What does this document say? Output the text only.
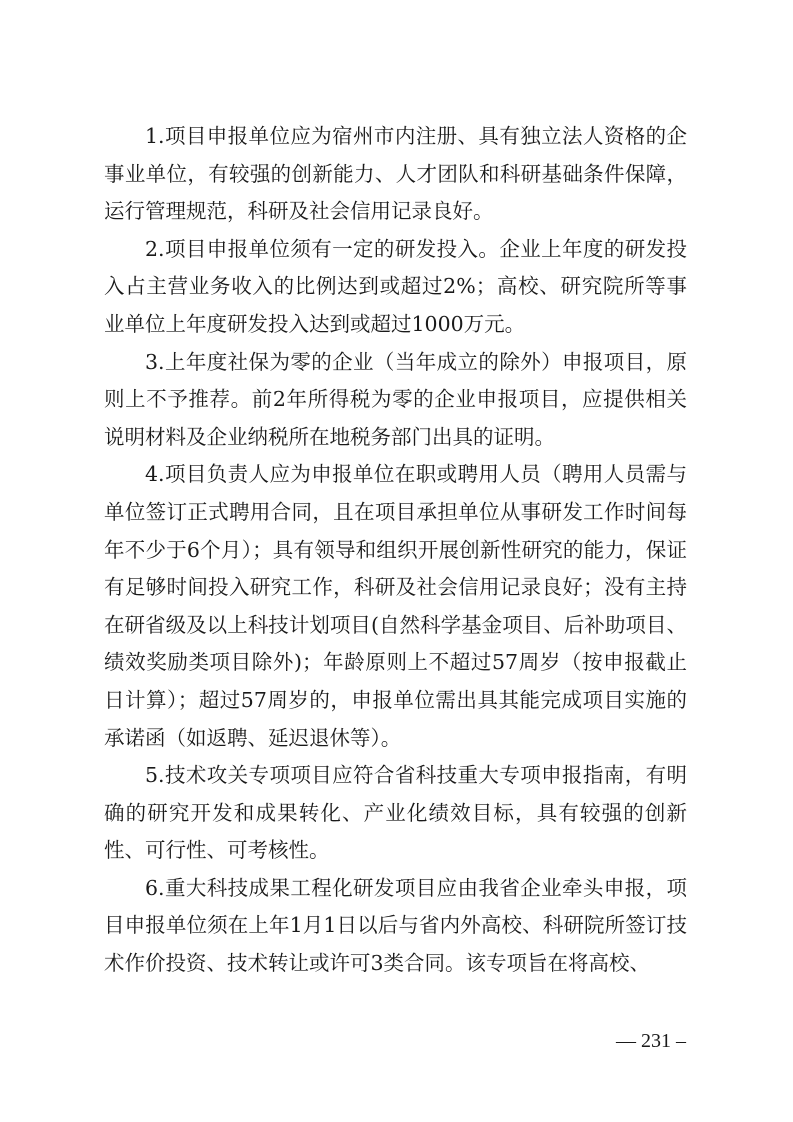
1.项目申报单位应为宿州市内注册、具有独立法人资格的企事业单位，有较强的创新能力、人才团队和科研基础条件保障，运行管理规范，科研及社会信用记录良好。

2.项目申报单位须有一定的研发投入。企业上年度的研发投入占主营业务收入的比例达到或超过2%；高校、研究院所等事业单位上年度研发投入达到或超过1000万元。

3.上年度社保为零的企业（当年成立的除外）申报项目，原则上不予推荐。前2年所得税为零的企业申报项目，应提供相关说明材料及企业纳税所在地税务部门出具的证明。

4.项目负责人应为申报单位在职或聘用人员（聘用人员需与单位签订正式聘用合同，且在项目承担单位从事研发工作时间每年不少于6个月）；具有领导和组织开展创新性研究的能力，保证有足够时间投入研究工作，科研及社会信用记录良好；没有主持在研省级及以上科技计划项目(自然科学基金项目、后补助项目、绩效奖励类项目除外)；年龄原则上不超过57周岁（按申报截止日计算）；超过57周岁的，申报单位需出具其能完成项目实施的承诺函（如返聘、延迟退休等）。

5.技术攻关专项项目应符合省科技重大专项申报指南，有明确的研究开发和成果转化、产业化绩效目标，具有较强的创新性、可行性、可考核性。

6.重大科技成果工程化研发项目应由我省企业牵头申报，项目申报单位须在上年1月1日以后与省内外高校、科研院所签订技术作价投资、技术转让或许可3类合同。该专项旨在将高校、

— 231 –
